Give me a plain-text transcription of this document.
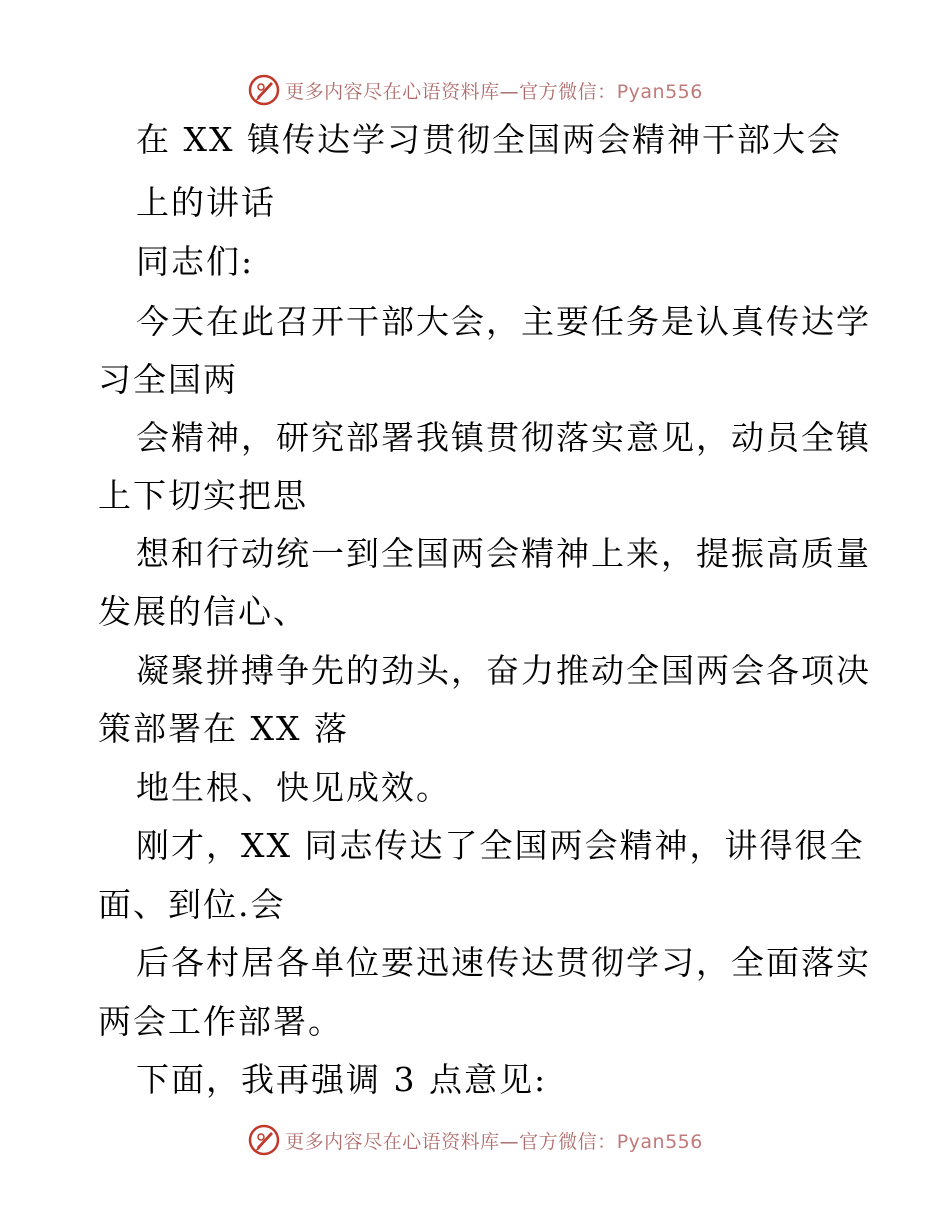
更多内容尽在心语资料库—官方微信：Pyan556
在 XX 镇传达学习贯彻全国两会精神干部大会
上的讲话
同志们:
今天在此召开干部大会，主要任务是认真传达学
习全国两
会精神，研究部署我镇贯彻落实意见，动员全镇
上下切实把思
想和行动统一到全国两会精神上来，提振高质量
发展的信心、
凝聚拼搏争先的劲头，奋力推动全国两会各项决
策部署在 XX 落
地生根、快见成效。
刚才，XX 同志传达了全国两会精神，讲得很全
面、到位.会
后各村居各单位要迅速传达贯彻学习，全面落实
两会工作部署。
下面，我再强调 3 点意见:
更多内容尽在心语资料库—官方微信：Pyan556
